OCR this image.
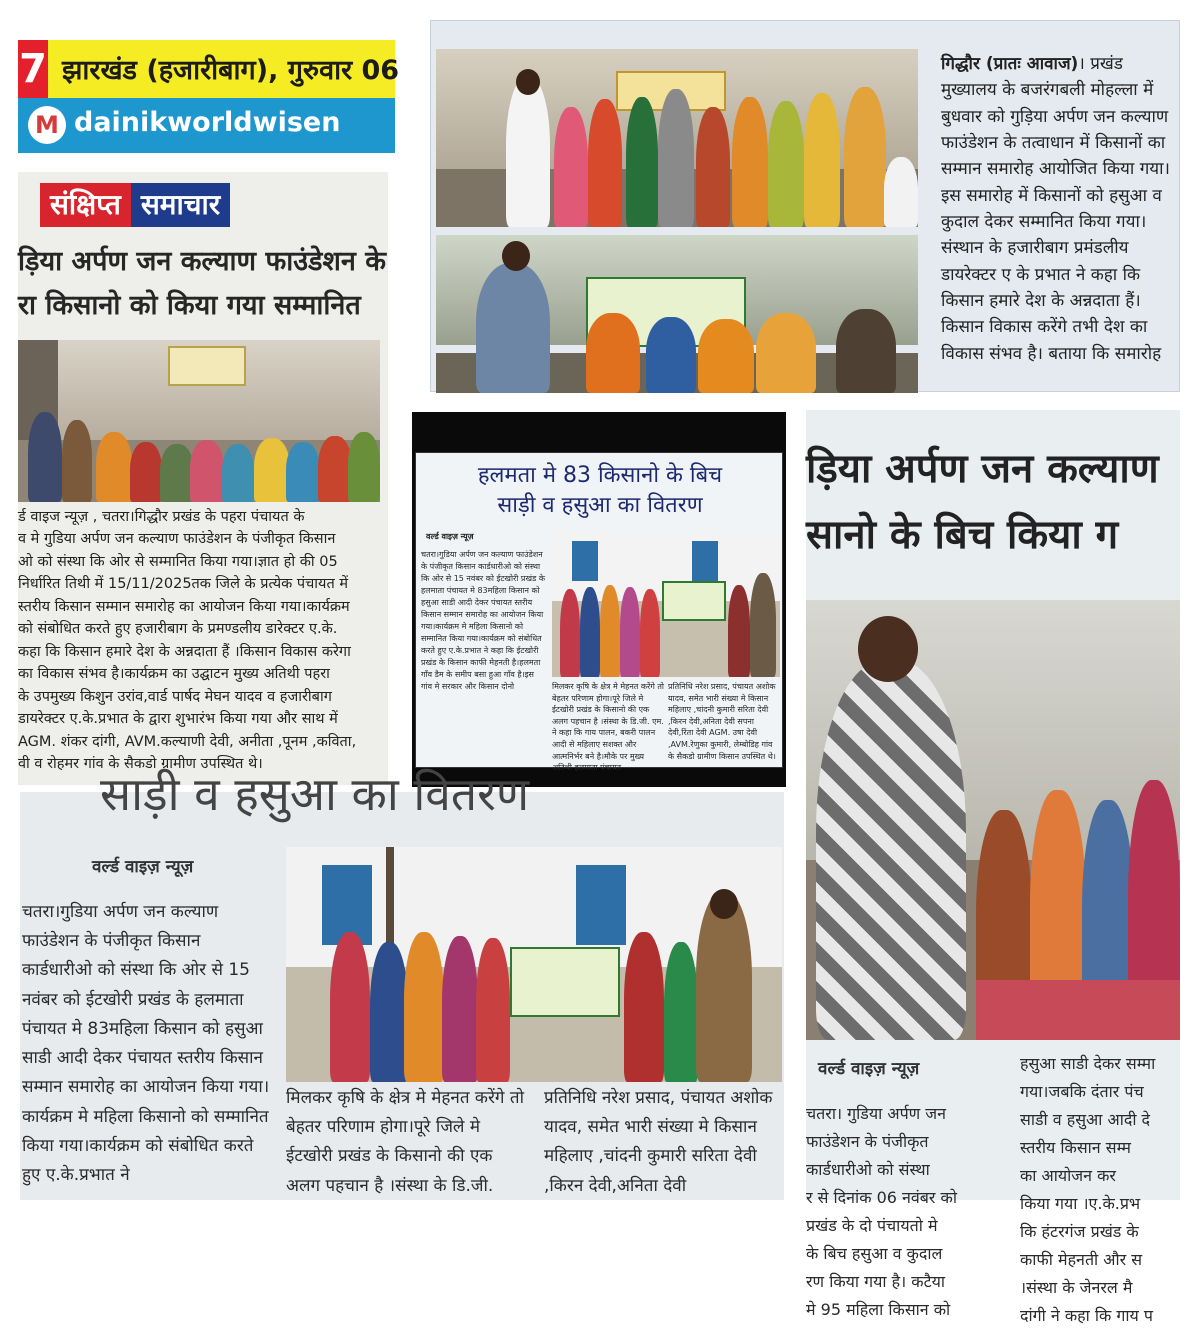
7 झारखंड (हजारीबाग), गुरुवार 06
M dainikworldwisen
संक्षिप्त समाचार
ड़िया अर्पण जन कल्याण फाउंडेशन के
रा किसानो को किया गया सम्मानित
र्ड वाइज न्यूज़ , चतरा।गिद्धौर प्रखंड के पहरा पंचायत के
व मे गुडिया अर्पण जन कल्याण फाउंडेशन के पंजीकृत किसान
ओ को संस्था कि ओर से सम्मानित किया गया।ज्ञात हो की 05
निर्धारित तिथी में 15/11/2025तक जिले के प्रत्येक पंचायत में
स्तरीय किसान सम्मान समारोह का आयोजन किया गया।कार्यक्रम
को संबोधित करते हुए हजारीबाग के प्रमण्डलीय डारेक्टर ए.के.
कहा कि किसान हमारे देश के अन्नदाता हैं ।किसान विकास करेगा
का विकास संभव है।कार्यक्रम का उद्घाटन मुख्य अतिथी पहरा
के उपमुख्य किशुन उरांव,वार्ड पार्षद मेघन यादव व हजारीबाग
डायरेक्टर ए.के.प्रभात के द्वारा शुभारंभ किया गया और साथ में
AGM. शंकर दांगी, AVM.कल्याणी देवी, अनीता ,पूनम ,कविता,
वी व रोहमर गांव के सैकडो ग्रामीण उपस्थित थे।
गिद्धौर (प्रातः आवाज)। प्रखंड मुख्यालय के बजरंगबली मोहल्ला में बुधवार को गुड़िया अर्पण जन कल्याण फाउंडेशन के तत्वाधान में किसानों का सम्मान समारोह आयोजित किया गया। इस समारोह में किसानों को हसुआ व कुदाल देकर सम्मानित किया गया। संस्थान के हजारीबाग प्रमंडलीय डायरेक्टर ए के प्रभात ने कहा कि किसान हमारे देश के अन्नदाता हैं। किसान विकास करेंगे तभी देश का विकास संभव है। बताया कि समारोह
हलमता मे 83 किसानो के बिच
साड़ी व हसुआ का वितरण
वर्ल्ड वाइज़ न्यूज़
चतरा।गुडिया अर्पण जन कल्याण फाउंडेशन के पंजीकृत किसान कार्डधारीओ को संस्था कि ओर से 15 नवंबर को ईटखोरी प्रखंड के हलमाता पंचायत मे 83महिला किसान को हसुआ साडी आदी देकर पंचायत स्तरीय किसान सम्मान समारोह का आयोजन किया गया।कार्यक्रम मे महिला किसानो को सम्मानित किया गया।कार्यक्रम को संबोधित करते हुए ए.के.प्रभात ने कहा कि ईटखोरी प्रखंड के किसान काफी मेहनती है।हलमता गाँव डैम के समीप बसा हुआ गाँव है।इस गांव मे सरकार और किसान दोनो	मिलकर कृषि के क्षेत्र मे मेहनत करेंगे तो बेहतर परिणाम होगा।पूरे जिले मे ईटखोरी प्रखंड के किसानो की एक अलग पहचान है ।संस्था के डि.जी. एम. ने कहा कि गाय पालन, बकरी पालन आदी से महिलाए सशक्त और आत्मनिर्भर बने है।मौके पर मुख्य अतिथी हलमाता पंचायत
प्रतिनिधि नरेश प्रसाद, पंचायत अशोक यादव, समेत भारी संख्या मे किसान महिलाए ,चांदनी कुमारी सरिता देवी ,किरन देवी,अनिता देवी सपना देवी,रिंता देवी AGM. उषा देवी ,AVM.रेणुका कुमारी, लेम्बोडिह गांव के सैकडो ग्रामीण किसान उपस्थित थे।
ड़िया अर्पण जन कल्याण
सानो के बिच किया ग
वर्ल्ड वाइज़ न्यूज़
चतरा। गुडिया अर्पण जन
फाउंडेशन के पंजीकृत
कार्डधारीओ को संस्था
र से दिनांक 06 नवंबर को
प्रखंड के दो पंचायतो मे
के बिच हसुआ व कुदाल
रण किया गया है। कटैया
मे 95 महिला किसान को
हसुआ साडी देकर सम्मा
गया।जबकि दंतार पंच
साडी व हसुआ आदी दे
स्तरीय किसान सम्म
का आयोजन कर
किया गया ।ए.के.प्रभ
कि हंटरगंज प्रखंड के
काफी मेहनती और स
।संस्था के जेनरल मै
दांगी ने कहा कि गाय प
साड़ी व हसुआ का वितरण
वर्ल्ड वाइज़ न्यूज़
चतरा।गुडिया अर्पण जन कल्याण फाउंडेशन के पंजीकृत किसान कार्डधारीओ को संस्था कि ओर से 15 नवंबर को ईटखोरी प्रखंड के हलमाता पंचायत मे 83महिला किसान को हसुआ साडी आदी देकर पंचायत स्तरीय किसान सम्मान समारोह का आयोजन किया गया।कार्यक्रम मे महिला किसानो को सम्मानित किया गया।कार्यक्रम को संबोधित करते हुए ए.के.प्रभात ने
मिलकर कृषि के क्षेत्र मे मेहनत करेंगे तो बेहतर परिणाम होगा।पूरे जिले मे ईटखोरी प्रखंड के किसानो की एक अलग पहचान है ।संस्था के डि.जी.
प्रतिनिधि नरेश प्रसाद, पंचायत अशोक यादव, समेत भारी संख्या मे किसान महिलाए ,चांदनी कुमारी सरिता देवी ,किरन देवी,अनिता देवी
